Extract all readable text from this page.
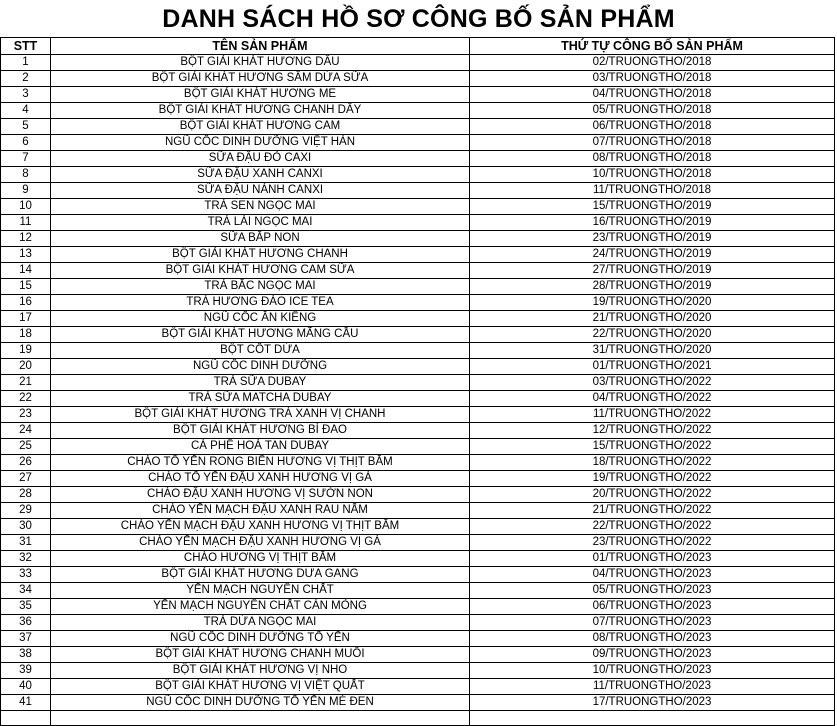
DANH SÁCH HỒ SƠ CÔNG BỐ SẢN PHẨM
STT	TÊN SẢN PHẨM	THỨ TỰ CÔNG BỐ SẢN PHẨM
1	BỘT GIẢI KHÁT HƯƠNG DÂU	02/TRUONGTHO/2018
2	BỘT GIẢI KHÁT HƯƠNG SÂM DỨA SỮA	03/TRUONGTHO/2018
3	BỘT GIẢI KHÁT HƯƠNG ME	04/TRUONGTHO/2018
4	BỘT GIẢI KHÁT HƯƠNG CHANH DÂY	05/TRUONGTHO/2018
5	BỘT GIẢI KHÁT HƯƠNG CAM	06/TRUONGTHO/2018
6	NGŨ CỐC DINH DƯỠNG VIỆT HÀN	07/TRUONGTHO/2018
7	SỮA ĐẬU ĐỎ CAXI	08/TRUONGTHO/2018
8	SỮA ĐẬU XANH CANXI	10/TRUONGTHO/2018
9	SỮA ĐẬU NÀNH CANXI	11/TRUONGTHO/2018
10	TRÀ SEN NGỌC MAI	15/TRUONGTHO/2019
11	TRÀ LÀI NGỌC MAI	16/TRUONGTHO/2019
12	SỮA BẮP NON	23/TRUONGTHO/2019
13	BỘT GIẢI KHÁT HƯƠNG CHANH	24/TRUONGTHO/2019
14	BỘT GIẢI KHÁT HƯƠNG CAM SỮA	27/TRUONGTHO/2019
15	TRÀ BẮC NGỌC MAI	28/TRUONGTHO/2019
16	TRÀ HƯƠNG ĐÀO ICE TEA	19/TRUONGTHO/2020
17	NGŨ CỐC ĂN KIÊNG	21/TRUONGTHO/2020
18	BỘT GIẢI KHÁT HƯƠNG MÃNG CẦU	22/TRUONGTHO/2020
19	BỘT CỐT DỪA	31/TRUONGTHO/2020
20	NGŨ CỐC DINH DƯỠNG	01/TRUONGTHO/2021
21	TRÀ SỮA DUBAY	03/TRUONGTHO/2022
22	TRÀ SỮA MATCHA DUBAY	04/TRUONGTHO/2022
23	BỘT GIẢI KHÁT HƯƠNG TRÀ XANH VỊ CHANH	11/TRUONGTHO/2022
24	BỘT GIẢI KHÁT HƯƠNG BÍ ĐAO	12/TRUONGTHO/2022
25	CÀ PHÊ HOÀ TAN DUBAY	15/TRUONGTHO/2022
26	CHÁO TỔ YẾN RONG BIỂN HƯƠNG VỊ THỊT BẰM	18/TRUONGTHO/2022
27	CHÁO TỔ YẾN ĐẬU XANH HƯƠNG VỊ GÀ	19/TRUONGTHO/2022
28	CHÁO ĐẬU XANH HƯƠNG VỊ SƯỜN NON	20/TRUONGTHO/2022
29	CHÁO YẾN MẠCH ĐẬU XANH RAU NẤM	21/TRUONGTHO/2022
30	CHÁO YẾN MẠCH ĐẬU XANH HƯƠNG VỊ THỊT BẰM	22/TRUONGTHO/2022
31	CHÁO YẾN MẠCH ĐẬU XANH HƯƠNG VỊ GÀ	23/TRUONGTHO/2022
32	CHÁO HƯƠNG VỊ THỊT BẰM	01/TRUONGTHO/2023
33	BỘT GIẢI KHÁT HƯƠNG DƯA GANG	04/TRUONGTHO/2023
34	YẾN MẠCH NGUYÊN CHẤT	05/TRUONGTHO/2023
35	YẾN MẠCH NGUYÊN CHẤT CÁN MỎNG	06/TRUONGTHO/2023
36	TRÀ DỨA NGỌC MAI	07/TRUONGTHO/2023
37	NGŨ CỐC DINH DƯỠNG TỔ YẾN	08/TRUONGTHO/2023
38	BỘT GIẢI KHÁT HƯƠNG CHANH MUỐI	09/TRUONGTHO/2023
39	BỘT GIẢI KHÁT HƯƠNG VỊ NHO	10/TRUONGTHO/2023
40	BỘT GIẢI KHÁT HƯƠNG VỊ VIỆT QUẤT	11/TRUONGTHO/2023
41	NGŨ CỐC DINH DƯỠNG TỔ YẾN MÈ ĐEN	17/TRUONGTHO/2023
